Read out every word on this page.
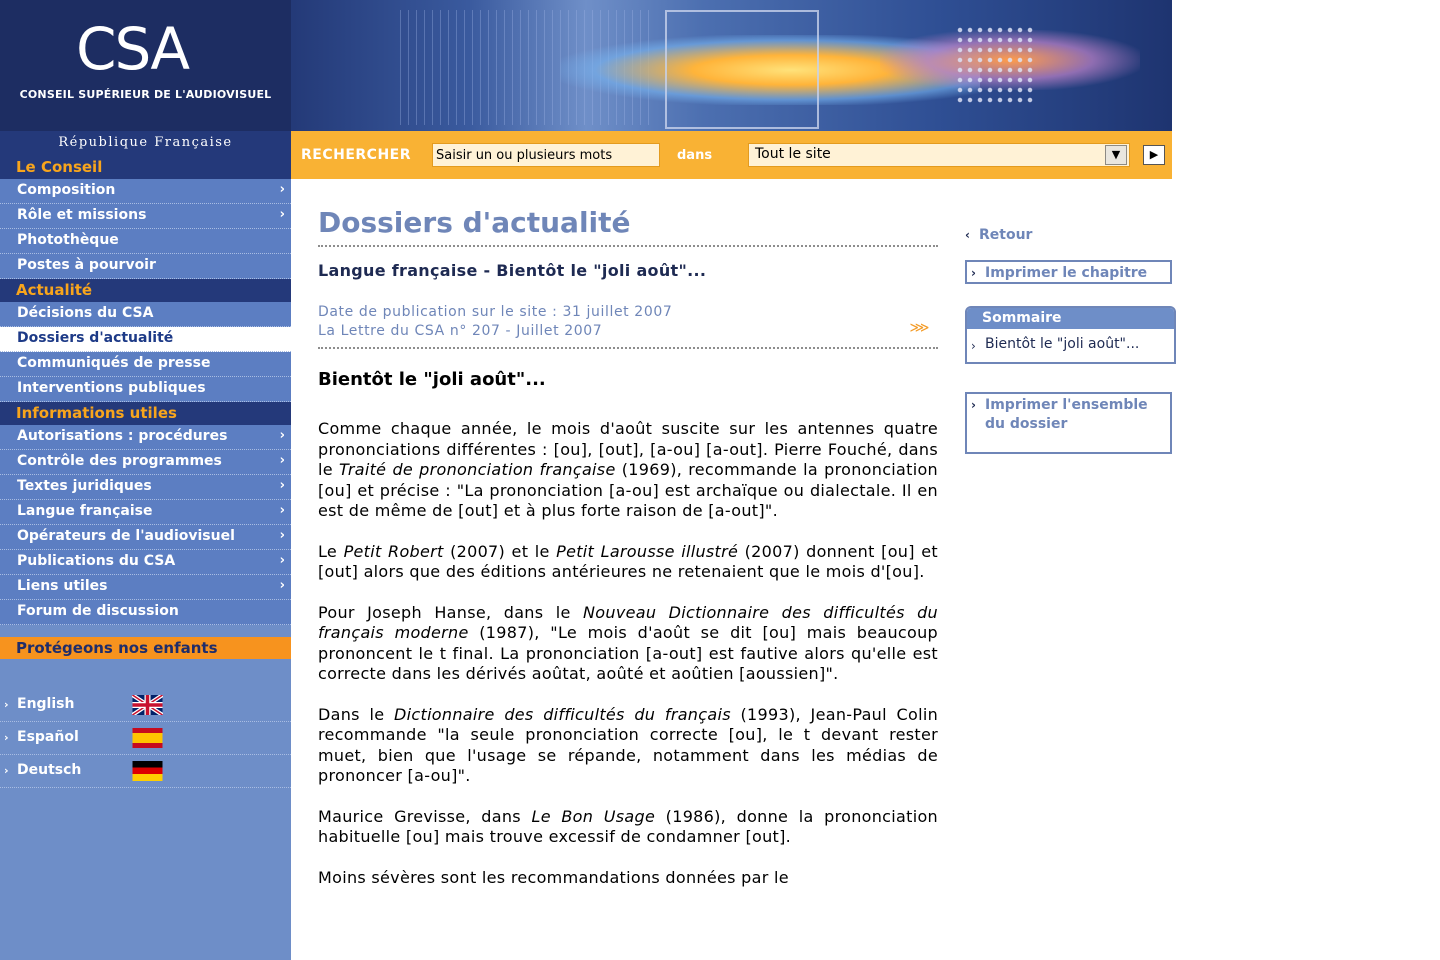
CSA
CONSEIL SUPÉRIEUR DE L'AUDIOVISUEL
République Française
Le Conseil
Composition	›
Rôle et missions	›
Photothèque
Postes à pourvoir
Actualité
Décisions du CSA
Dossiers d'actualité
Communiqués de presse
Interventions publiques
Informations utiles
Autorisations : procédures	›
Contrôle des programmes	›
Textes juridiques	›
Langue française	›
Opérateurs de l'audiovisuel	›
Publications du CSA	›
Liens utiles	›
Forum de discussion
Protégeons nos enfants
› English
› Español
› Deutsch
RECHERCHER
Saisir un ou plusieurs mots	dans	Tout le site	▼	▶
Dossiers d'actualité
Langue française - Bientôt le "joli août"...
Date de publication sur le site : 31 juillet 2007
La Lettre du CSA n° 207 - Juillet 2007	⋙
Bientôt le "joli août"...

Comme chaque année, le mois d'août suscite sur les antennes quatre prononciations différentes : [ou], [out], [a-ou] [a-out]. Pierre Fouché, dans le Traité de prononciation française (1969), recommande la prononciation [ou] et précise : "La prononciation [a-ou] est archaïque ou dialectale. Il en est de même de [out] et à plus forte raison de [a-out]".

Le Petit Robert (2007) et le Petit Larousse illustré (2007) donnent [ou] et [out] alors que des éditions antérieures ne retenaient que le mois d'[ou].

Pour Joseph Hanse, dans le Nouveau Dictionnaire des difficultés du français moderne (1987), "Le mois d'août se dit [ou] mais beaucoup prononcent le t final. La prononciation [a-out] est fautive alors qu'elle est correcte dans les dérivés aoûtat, aoûté et aoûtien [aoussien]".

Dans le Dictionnaire des difficultés du français (1993), Jean-Paul Colin recommande "la seule prononciation correcte [ou], le t devant rester muet, bien que l'usage se répande, notamment dans les médias de prononcer [a-ou]".

Maurice Grevisse, dans Le Bon Usage (1986), donne la prononciation habituelle [ou] mais trouve excessif de condamner [out].

Moins sévères sont les recommandations données par le

‹ Retour
› Imprimer le chapitre
Sommaire
› Bientôt le "joli août"...
› Imprimer l'ensemble du dossier
